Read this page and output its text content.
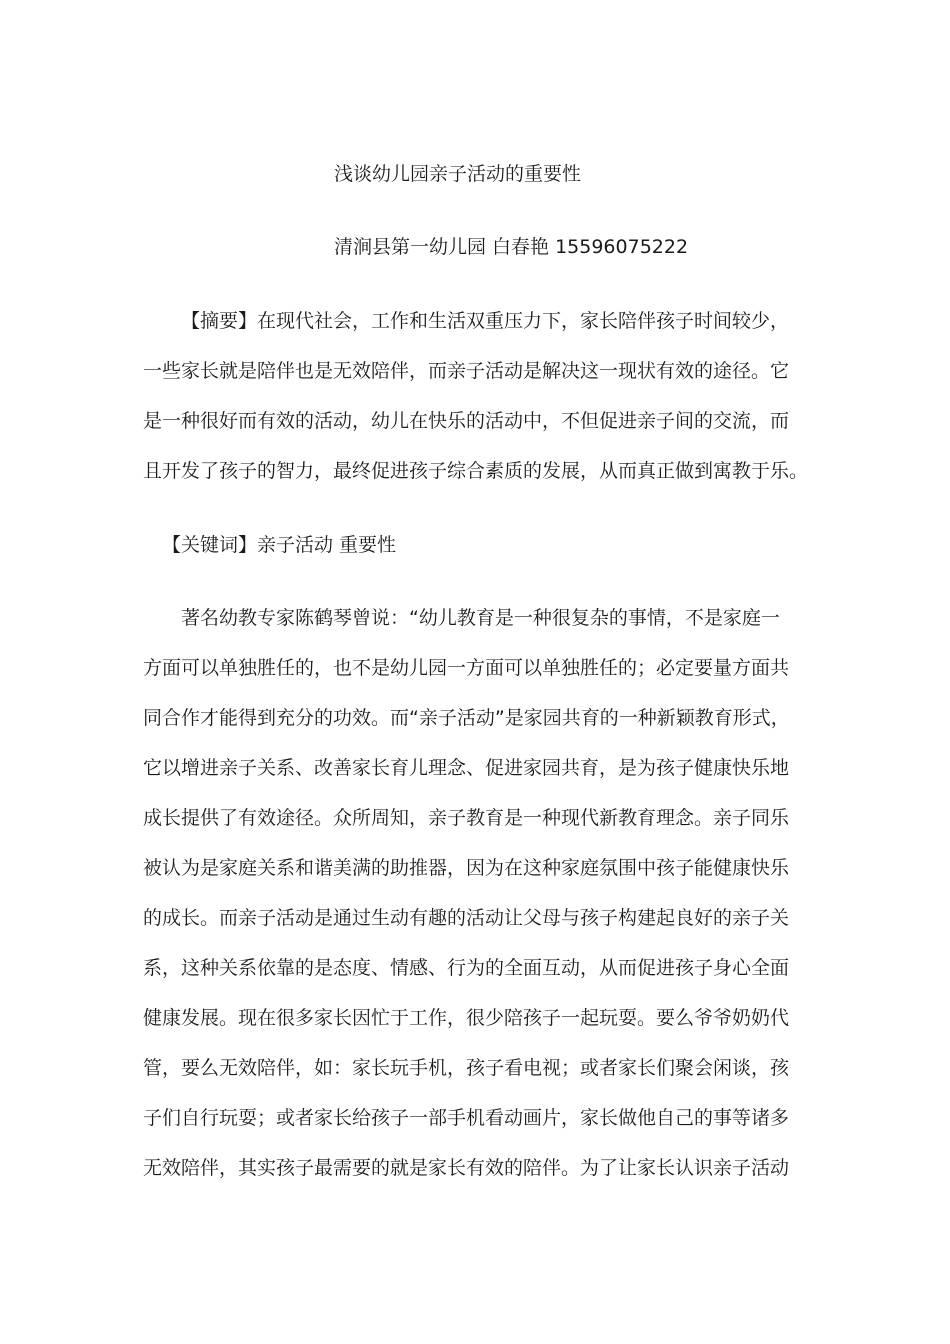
浅谈幼儿园亲子活动的重要性
清涧县第一幼儿园 白春艳 15596075222
【摘要】在现代社会，工作和生活双重压力下，家长陪伴孩子时间较少，
一些家长就是陪伴也是无效陪伴，而亲子活动是解决这一现状有效的途径。它
是一种很好而有效的活动，幼儿在快乐的活动中，不但促进亲子间的交流，而
且开发了孩子的智力，最终促进孩子综合素质的发展，从而真正做到寓教于乐。
【关键词】亲子活动 重要性
著名幼教专家陈鹤琴曾说：“幼儿教育是一种很复杂的事情，不是家庭一
方面可以单独胜任的，也不是幼儿园一方面可以单独胜任的；必定要量方面共
同合作才能得到充分的功效。而“亲子活动”是家园共育的一种新颖教育形式，
它以增进亲子关系、改善家长育儿理念、促进家园共育，是为孩子健康快乐地
成长提供了有效途径。众所周知，亲子教育是一种现代新教育理念。亲子同乐
被认为是家庭关系和谐美满的助推器，因为在这种家庭氛围中孩子能健康快乐
的成长。而亲子活动是通过生动有趣的活动让父母与孩子构建起良好的亲子关
系，这种关系依靠的是态度、情感、行为的全面互动，从而促进孩子身心全面
健康发展。现在很多家长因忙于工作，很少陪孩子一起玩耍。要么爷爷奶奶代
管，要么无效陪伴，如：家长玩手机，孩子看电视；或者家长们聚会闲谈，孩
子们自行玩耍；或者家长给孩子一部手机看动画片，家长做他自己的事等诸多
无效陪伴，其实孩子最需要的就是家长有效的陪伴。为了让家长认识亲子活动
